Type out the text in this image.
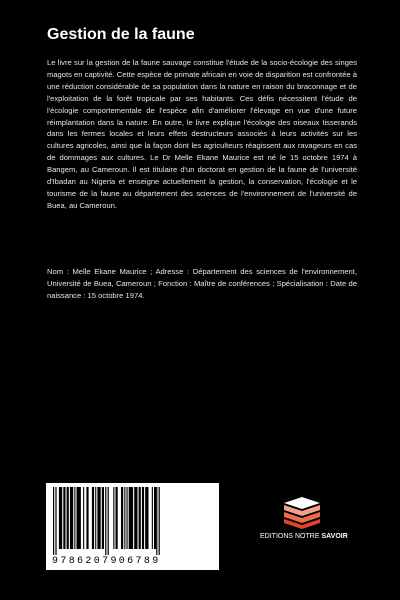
Gestion de la faune

Le livre sur la gestion de la faune sauvage constitue l'étude de la socio-écologie des singes magots en captivité. Cette espèce de primate africain en voie de disparition est confrontée à une réduction considérable de sa population dans la nature en raison du braconnage et de l'exploitation de la forêt tropicale par ses habitants. Ces défis nécessitent l'étude de l'écologie comportementale de l'espèce afin d'améliorer l'élevage en vue d'une future réimplantation dans la nature. En outre, le livre explique l'écologie des oiseaux tisserands dans les fermes locales et leurs effets destructeurs associés à leurs activités sur les cultures agricoles, ainsi que la façon dont les agriculteurs réagissent aux ravageurs en cas de dommages aux cultures. Le Dr Melle Ekane Maurice est né le 15 octobre 1974 à Bangem, au Cameroun. Il est titulaire d'un doctorat en gestion de la faune de l'université d'Ibadan au Nigeria et enseigne actuellement la gestion, la conservation, l'écologie et le tourisme de la faune au département des sciences de l'environnement de l'université de Buea, au Cameroun.

Nom : Melle Ekane Maurice ; Adresse : Département des sciences de l'environnement, Université de Buea, Cameroun ; Fonction : Maître de conférences ; Spécialisation : Date de naissance : 15 octobre 1974.

9786207906789
EDITIONS NOTRE SAVOIR
